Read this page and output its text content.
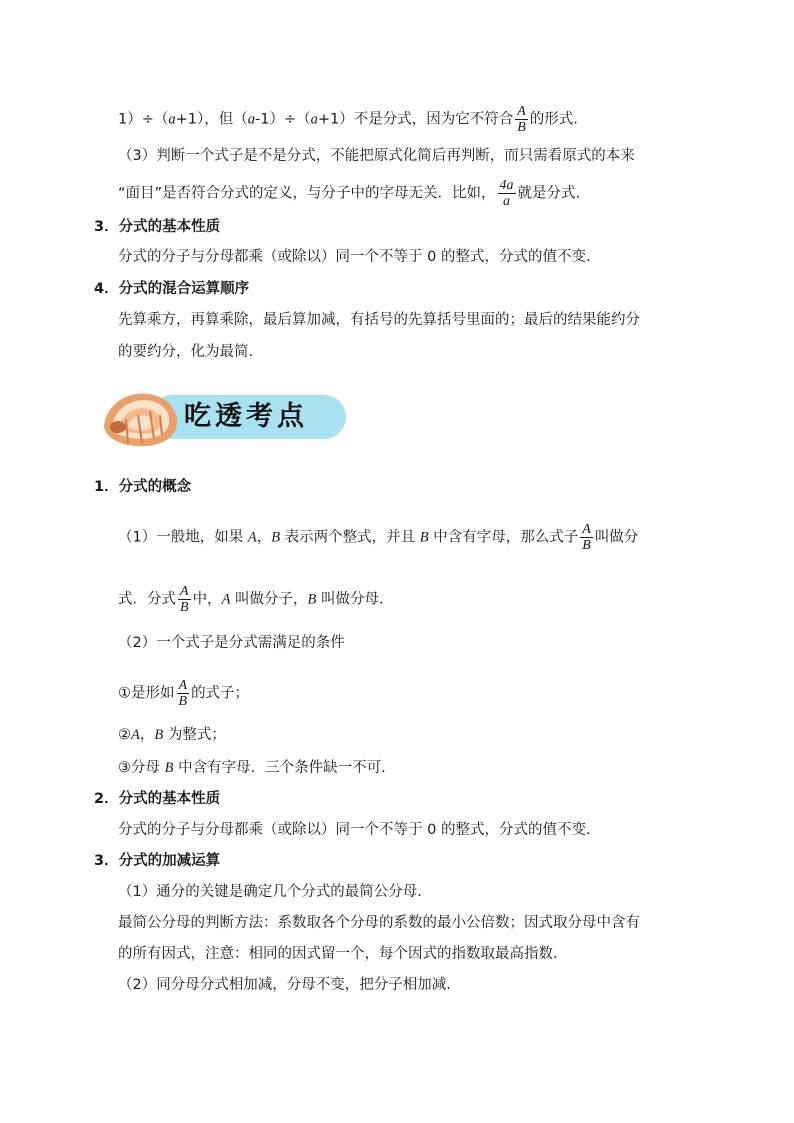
1）÷（a+1），但（a-1）÷（a+1）不是分式，因为它不符合 $\frac{A}{B}$ 的形式.
（3）判断一个式子是不是分式，不能把原式化简后再判断，而只需看原式的本来
“面目”是否符合分式的定义，与分子中的字母无关．比如， $\frac{4a}{a}$ 就是分式.
3．分式的基本性质
分式的分子与分母都乘（或除以）同一个不等于 0 的整式，分式的值不变.
4．分式的混合运算顺序
先算乘方，再算乘除，最后算加减，有括号的先算括号里面的；最后的结果能约分
的要约分，化为最简.
吃透考点
1．分式的概念
（1）一般地，如果 A，B 表示两个整式，并且 B 中含有字母，那么式子 $\frac{A}{B}$ 叫做分
式．分式 $\frac{A}{B}$ 中，A 叫做分子，B 叫做分母.
（2）一个式子是分式需满足的条件
①是形如 $\frac{A}{B}$ 的式子；
②A，B 为整式；
③分母 B 中含有字母．三个条件缺一不可.
2．分式的基本性质
分式的分子与分母都乘（或除以）同一个不等于 0 的整式，分式的值不变.
3．分式的加减运算
（1）通分的关键是确定几个分式的最简公分母.
最简公分母的判断方法：系数取各个分母的系数的最小公倍数；因式取分母中含有
的所有因式，注意：相同的因式留一个，每个因式的指数取最高指数.
（2）同分母分式相加减，分母不变，把分子相加减.
